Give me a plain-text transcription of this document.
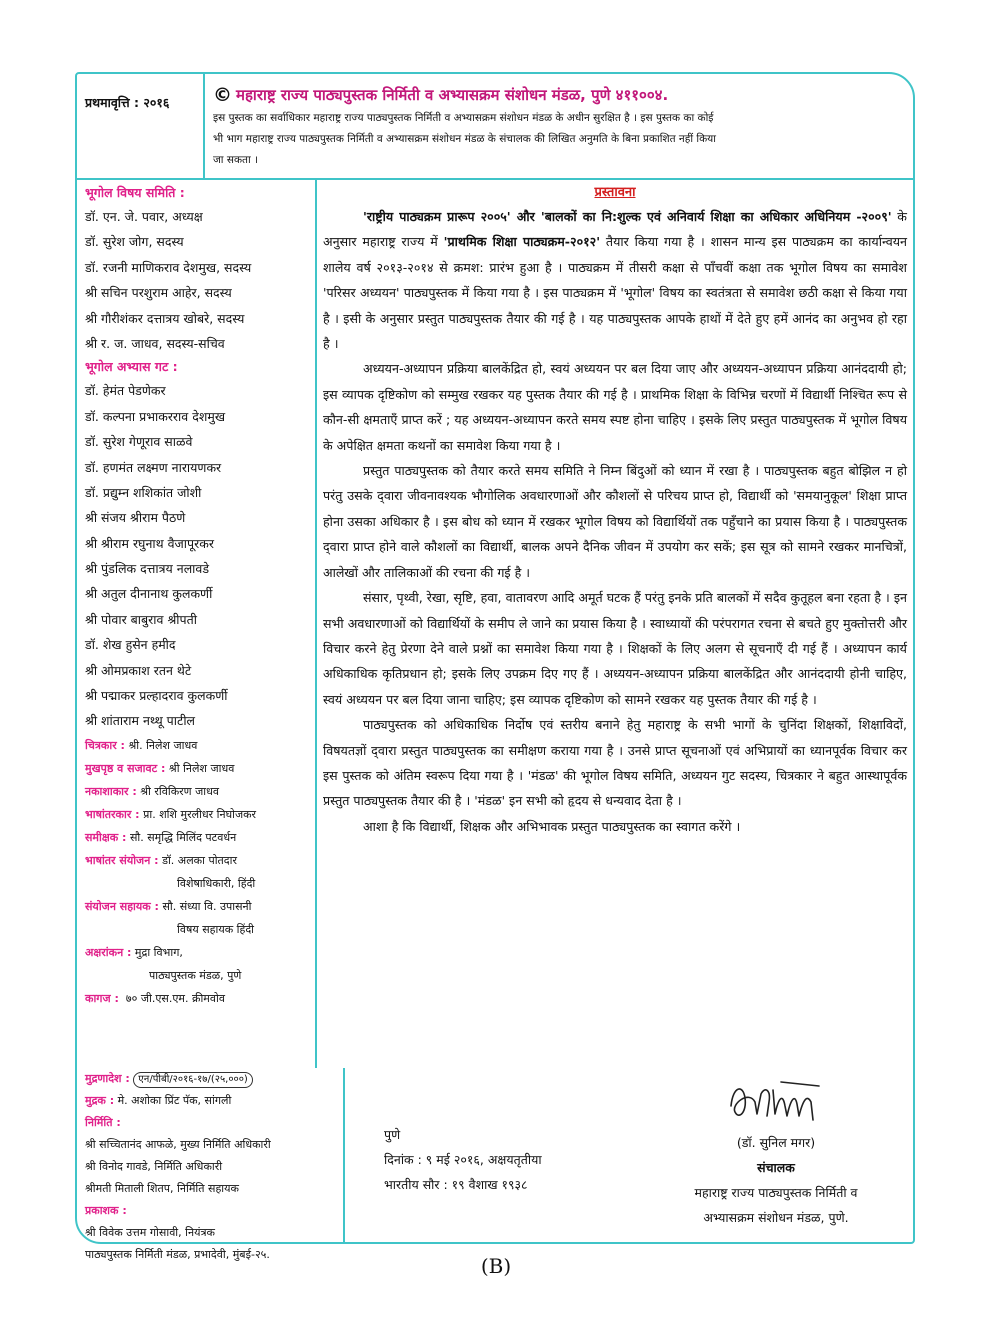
प्रथमावृत्ति : २०१६	© महाराष्ट्र राज्य पाठ्यपुस्तक निर्मिती व अभ्यासक्रम संशोधन मंडळ, पुणे ४११००४.
इस पुस्तक का सर्वाधिकार महाराष्ट्र राज्य पाठ्यपुस्तक निर्मिती व अभ्यासक्रम संशोधन मंडळ के अधीन सुरक्षित है । इस पुस्तक का कोई
भी भाग महाराष्ट्र राज्य पाठ्यपुस्तक निर्मिती व अभ्यासक्रम संशोधन मंडळ के संचालक की लिखित अनुमति के बिना प्रकाशित नहीं किया
जा सकता ।
भूगोल विषय समिति :
डॉ. एन. जे. पवार, अध्यक्ष
डॉ. सुरेश जोग, सदस्य
डॉ. रजनी माणिकराव देशमुख, सदस्य
श्री सचिन परशुराम आहेर, सदस्य
श्री गौरीशंकर दत्तात्रय खोबरे, सदस्य
श्री र. ज. जाधव, सदस्य-सचिव
भूगोल अभ्यास गट :
डॉ. हेमंत पेडणेकर
डॉ. कल्पना प्रभाकरराव देशमुख
डॉ. सुरेश गेणूराव साळवे
डॉ. हणमंत लक्ष्मण नारायणकर
डॉ. प्रद्युम्न शशिकांत जोशी
श्री संजय श्रीराम पैठणे
श्री श्रीराम रघुनाथ वैजापूरकर
श्री पुंडलिक दत्तात्रय नलावडे
श्री अतुल दीनानाथ कुलकर्णी
श्री पोवार बाबुराव श्रीपती
डॉ. शेख हुसेन हमीद
श्री ओमप्रकाश रतन थेटे
श्री पद्माकर प्रल्हादराव कुलकर्णी
श्री शांताराम नथ्थू पाटील
चित्रकार : श्री. निलेश जाधव
मुखपृष्ठ व सजावट : श्री निलेश जाधव
नकाशाकार : श्री रविकिरण जाधव
भाषांतरकार : प्रा. शशि मुरलीधर निघोजकर
समीक्षक : सौ. समृद्धि मिलिंद पटवर्धन
भाषांतर संयोजन : डॉ. अलका पोतदार
विशेषाधिकारी, हिंदी
संयोजन सहायक : सौ. संध्या वि. उपासनी
विषय सहायक हिंदी
अक्षरांकन : मुद्रा विभाग,
पाठ्यपुस्तक मंडळ, पुणे
कागज : ७० जी.एस.एम. क्रीमवोव
मुद्रणादेश : एन/पीबी/२०१६-१७/(२५,०००)
मुद्रक : मे. अशोका प्रिंट पॅक, सांगली
निर्मिति :
श्री सच्चितानंद आफळे, मुख्य निर्मिति अधिकारी
श्री विनोद गावडे, निर्मिति अधिकारी
श्रीमती मिताली शितप, निर्मिति सहायक
प्रकाशक :
श्री विवेक उत्तम गोसावी, नियंत्रक
पाठ्यपुस्तक निर्मिती मंडळ, प्रभादेवी, मुंबई-२५.
प्रस्तावना

'राष्ट्रीय पाठ्यक्रम प्रारूप २००५' और 'बालकों का नि:शुल्क एवं अनिवार्य शिक्षा का अधिकार अधिनियम -२००९' के अनुसार महाराष्ट्र राज्य में 'प्राथमिक शिक्षा पाठ्यक्रम-२०१२' तैयार किया गया है । शासन मान्य इस पाठ्यक्रम का कार्यान्वयन शालेय वर्ष २०१३-२०१४ से क्रमश: प्रारंभ हुआ है । पाठ्यक्रम में तीसरी कक्षा से पाँचवीं कक्षा तक भूगोल विषय का समावेश 'परिसर अध्ययन' पाठ्यपुस्तक में किया गया है । इस पाठ्यक्रम में 'भूगोल' विषय का स्वतंत्रता से समावेश छठी कक्षा से किया गया है । इसी के अनुसार प्रस्तुत पाठ्यपुस्तक तैयार की गई है । यह पाठ्यपुस्तक आपके हाथों में देते हुए हमें आनंद का अनुभव हो रहा है ।

अध्ययन-अध्यापन प्रक्रिया बालकेंद्रित हो, स्वयं अध्ययन पर बल दिया जाए और अध्ययन-अध्यापन प्रक्रिया आनंददायी हो; इस व्यापक दृष्टिकोण को सम्मुख रखकर यह पुस्तक तैयार की गई है । प्राथमिक शिक्षा के विभिन्न चरणों में विद्यार्थी निश्चित रूप से कौन-सी क्षमताएँ प्राप्त करें ; यह अध्ययन-अध्यापन करते समय स्पष्ट होना चाहिए । इसके लिए प्रस्तुत पाठ्यपुस्तक में भूगोल विषय के अपेक्षित क्षमता कथनों का समावेश किया गया है ।

प्रस्तुत पाठ्यपुस्तक को तैयार करते समय समिति ने निम्न बिंदुओं को ध्यान में रखा है । पाठ्यपुस्तक बहुत बोझिल न हो परंतु उसके द्‌वारा जीवनावश्यक भौगोलिक अवधारणाओं और कौशलों से परिचय प्राप्त हो, विद्यार्थी को 'समयानुकूल' शिक्षा प्राप्त होना उसका अधिकार है । इस बोध को ध्यान में रखकर भूगोल विषय को विद्यार्थियों तक पहुँचाने का प्रयास किया है । पाठ्यपुस्तक द्‌वारा प्राप्त होने वाले कौशलों का विद्यार्थी, बालक अपने दैनिक जीवन में उपयोग कर सकें; इस सूत्र को सामने रखकर मानचित्रों, आलेखों और तालिकाओं की रचना की गई है ।

संसार, पृथ्वी, रेखा, सृष्टि, हवा, वातावरण आदि अमूर्त घटक हैं परंतु इनके प्रति बालकों में सदैव कुतूहल बना रहता है । इन सभी अवधारणाओं को विद्यार्थियों के समीप ले जाने का प्रयास किया है । स्वाध्यायों की परंपरागत रचना से बचते हुए मुक्तोत्तरी और विचार करने हेतु प्रेरणा देने वाले प्रश्नों का समावेश किया गया है । शिक्षकों के लिए अलग से सूचनाएँ दी गई हैं । अध्यापन कार्य अधिकाधिक कृतिप्रधान हो; इसके लिए उपक्रम दिए गए हैं । अध्ययन-अध्यापन प्रक्रिया बालकेंद्रित और आनंददायी होनी चाहिए, स्वयं अध्ययन पर बल दिया जाना चाहिए; इस व्यापक दृष्टिकोण को सामने रखकर यह पुस्तक तैयार की गई है ।

पाठ्यपुस्तक को अधिकाधिक निर्दोष एवं स्तरीय बनाने हेतु महाराष्ट्र के सभी भागों के चुनिंदा शिक्षकों, शिक्षाविदों, विषयतज्ञों द्‌वारा प्रस्तुत पाठ्यपुस्तक का समीक्षण कराया गया है । उनसे प्राप्त सूचनाओं एवं अभिप्रायों का ध्यानपूर्वक विचार कर इस पुस्तक को अंतिम स्वरूप दिया गया है । 'मंडळ' की भूगोल विषय समिति, अध्ययन गुट सदस्य, चित्रकार ने बहुत आस्थापूर्वक प्रस्तुत पाठ्यपुस्तक तैयार की है । 'मंडळ' इन सभी को हृदय से धन्यवाद देता है ।

आशा है कि विद्यार्थी, शिक्षक और अभिभावक प्रस्तुत पाठ्यपुस्तक का स्वागत करेंगे ।

पुणे
दिनांक : ९ मई २०१६, अक्षयतृतीया
भारतीय सौर : १९ वैशाख १९३८
(डॉ. सुनिल मगर)
संचालक
महाराष्ट्र राज्य पाठ्यपुस्तक निर्मिती व
अभ्यासक्रम संशोधन मंडळ, पुणे.
(B)
